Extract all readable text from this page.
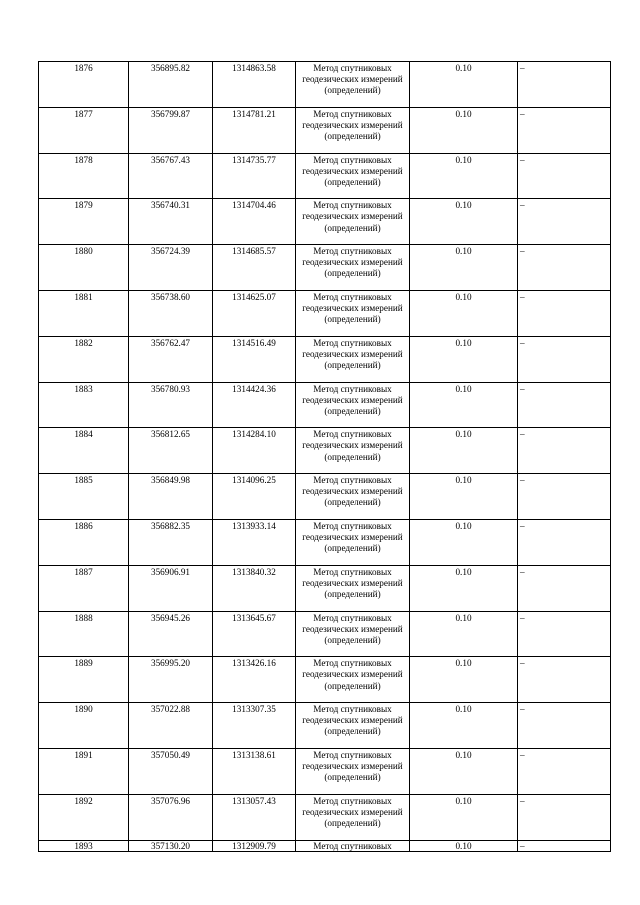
1876	356895.82	1314863.58	Метод спутниковых геодезических измерений (определений)	0.10	–
1877	356799.87	1314781.21	Метод спутниковых геодезических измерений (определений)	0.10	–
1878	356767.43	1314735.77	Метод спутниковых геодезических измерений (определений)	0.10	–
1879	356740.31	1314704.46	Метод спутниковых геодезических измерений (определений)	0.10	–
1880	356724.39	1314685.57	Метод спутниковых геодезических измерений (определений)	0.10	–
1881	356738.60	1314625.07	Метод спутниковых геодезических измерений (определений)	0.10	–
1882	356762.47	1314516.49	Метод спутниковых геодезических измерений (определений)	0.10	–
1883	356780.93	1314424.36	Метод спутниковых геодезических измерений (определений)	0.10	–
1884	356812.65	1314284.10	Метод спутниковых геодезических измерений (определений)	0.10	–
1885	356849.98	1314096.25	Метод спутниковых геодезических измерений (определений)	0.10	–
1886	356882.35	1313933.14	Метод спутниковых геодезических измерений (определений)	0.10	–
1887	356906.91	1313840.32	Метод спутниковых геодезических измерений (определений)	0.10	–
1888	356945.26	1313645.67	Метод спутниковых геодезических измерений (определений)	0.10	–
1889	356995.20	1313426.16	Метод спутниковых геодезических измерений (определений)	0.10	–
1890	357022.88	1313307.35	Метод спутниковых геодезических измерений (определений)	0.10	–
1891	357050.49	1313138.61	Метод спутниковых геодезических измерений (определений)	0.10	–
1892	357076.96	1313057.43	Метод спутниковых геодезических измерений (определений)	0.10	–
1893	357130.20	1312909.79	Метод спутниковых	0.10	–
